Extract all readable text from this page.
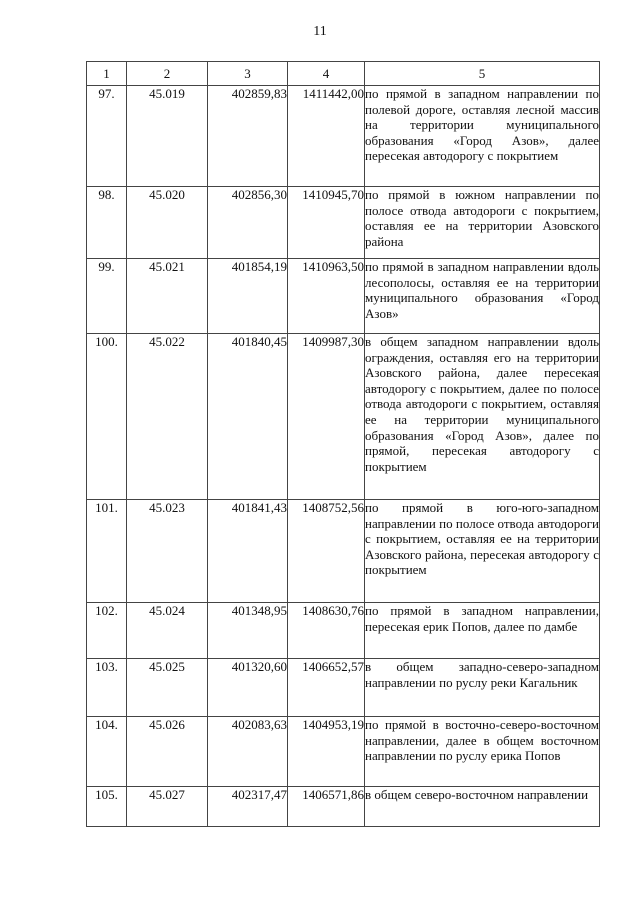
11
1	2	3	4	5
97.	45.019	402859,83	1411442,00	по прямой в западном направлении по полевой дороге, оставляя лесной массив на территории муниципального образования «Город Азов», далее пересекая автодорогу с покрытием
98.	45.020	402856,30	1410945,70	по прямой в южном направлении по полосе отвода автодороги с покрытием, оставляя ее на территории Азовского района
99.	45.021	401854,19	1410963,50	по прямой в западном направлении вдоль лесополосы, оставляя ее на территории муниципального образования «Город Азов»
100.	45.022	401840,45	1409987,30	в общем западном направлении вдоль ограждения, оставляя его на территории Азовского района, далее пересекая автодорогу с покрытием, далее по полосе отвода автодороги с покрытием, оставляя ее на территории муниципального образования «Город Азов», далее по прямой, пересекая автодорогу с покрытием
101.	45.023	401841,43	1408752,56	по прямой в юго-юго-западном направлении по полосе отвода автодороги с покрытием, оставляя ее на территории Азовского района, пересекая автодорогу с покрытием
102.	45.024	401348,95	1408630,76	по прямой в западном направлении, пересекая ерик Попов, далее по дамбе
103.	45.025	401320,60	1406652,57	в общем западно-северо-западном направлении по руслу реки Кагальник
104.	45.026	402083,63	1404953,19	по прямой в восточно-северо-восточном направлении, далее в общем восточном направлении по руслу ерика Попов
105.	45.027	402317,47	1406571,86	в общем северо-восточном направлении
